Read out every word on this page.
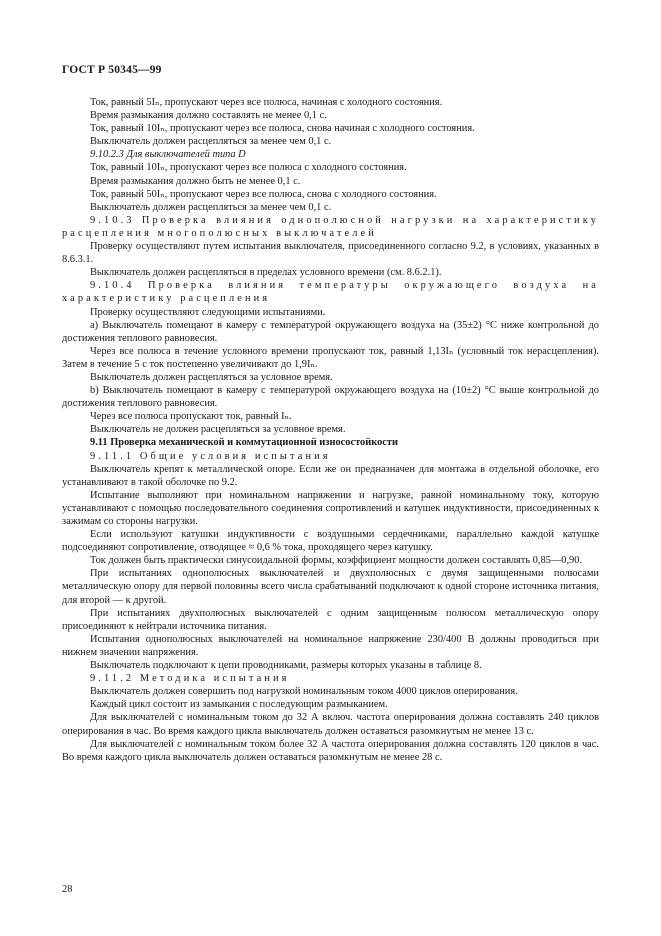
ГОСТ Р 50345—99

Ток, равный 5Iₙ, пропускают через все полюса, начиная с холодного состояния.

Время размыкания должно составлять не менее 0,1 с.

Ток, равный 10Iₙ, пропускают через все полюса, снова начиная с холодного состояния.

Выключатель должен расцепляться за менее чем 0,1 с.

9.10.2.3 Для выключателей типа D

Ток, равный 10Iₙ, пропускают через все полюса с холодного состояния.

Время размыкания должно быть не менее 0,1 с.

Ток, равный 50Iₙ, пропускают через все полюса, снова с холодного состояния.

Выключатель должен расцепляться за менее чем 0,1 с.

9.10.3 Проверка влияния однополюсной нагрузки на характеристику расцепления многополюсных выключателей

Проверку осуществляют путем испытания выключателя, присоединенного согласно 9.2, в условиях, указанных в 8.6.3.1.

Выключатель должен расцепляться в пределах условного времени (см. 8.6.2.1).

9.10.4 Проверка влияния температуры окружающего воздуха на характеристику расцепления

Проверку осуществляют следующими испытаниями.

a) Выключатель помещают в камеру с температурой окружающего воздуха на (35±2) °С ниже контрольной до достижения теплового равновесия.

Через все полюса в течение условного времени пропускают ток, равный 1,13Iₙ (условный ток нерасцепления). Затем в течение 5 с ток постепенно увеличивают до 1,9Iₙ.

Выключатель должен расцепляться за условное время.

b) Выключатель помещают в камеру с температурой окружающего воздуха на (10±2) °С выше контрольной до достижения теплового равновесия.

Через все полюса пропускают ток, равный Iₙ.

Выключатель не должен расцепляться за условное время.

9.11 Проверка механической и коммутационной износостойкости

9.11.1 Общие условия испытания

Выключатель крепят к металлической опоре. Если же он предназначен для монтажа в отдельной оболочке, его устанавливают в такой оболочке по 9.2.

Испытание выполняют при номинальном напряжении и нагрузке, равной номинальному току, которую устанавливают с помощью последовательного соединения сопротивлений и катушек индуктивности, присоединенных к зажимам со стороны нагрузки.

Если используют катушки индуктивности с воздушными сердечниками, параллельно каждой катушке подсоединяют сопротивление, отводящее ≈ 0,6 % тока, проходящего через катушку.

Ток должен быть практически синусоидальной формы, коэффициент мощности должен составлять 0,85—0,90.

При испытаниях однополюсных выключателей и двухполюсных с двумя защищенными полюсами металлическую опору для первой половины всего числа срабатываний подключают к одной стороне источника питания, для второй — к другой.

При испытаниях двухполюсных выключателей с одним защищенным полюсом металлическую опору присоединяют к нейтрали источника питания.

Испытания однополюсных выключателей на номинальное напряжение 230/400 В должны проводиться при нижнем значении напряжения.

Выключатель подключают к цепи проводниками, размеры которых указаны в таблице 8.

9.11.2 Методика испытания

Выключатель должен совершить под нагрузкой номинальным током 4000 циклов оперирования.

Каждый цикл состоит из замыкания с последующим размыканием.

Для выключателей с номинальным током до 32 А включ. частота оперирования должна составлять 240 циклов оперирования в час. Во время каждого цикла выключатель должен оставаться разомкнутым не менее 13 с.

Для выключателей с номинальным током более 32 А частота оперирования должна составлять 120 циклов в час. Во время каждого цикла выключатель должен оставаться разомкнутым не менее 28 с.

28
